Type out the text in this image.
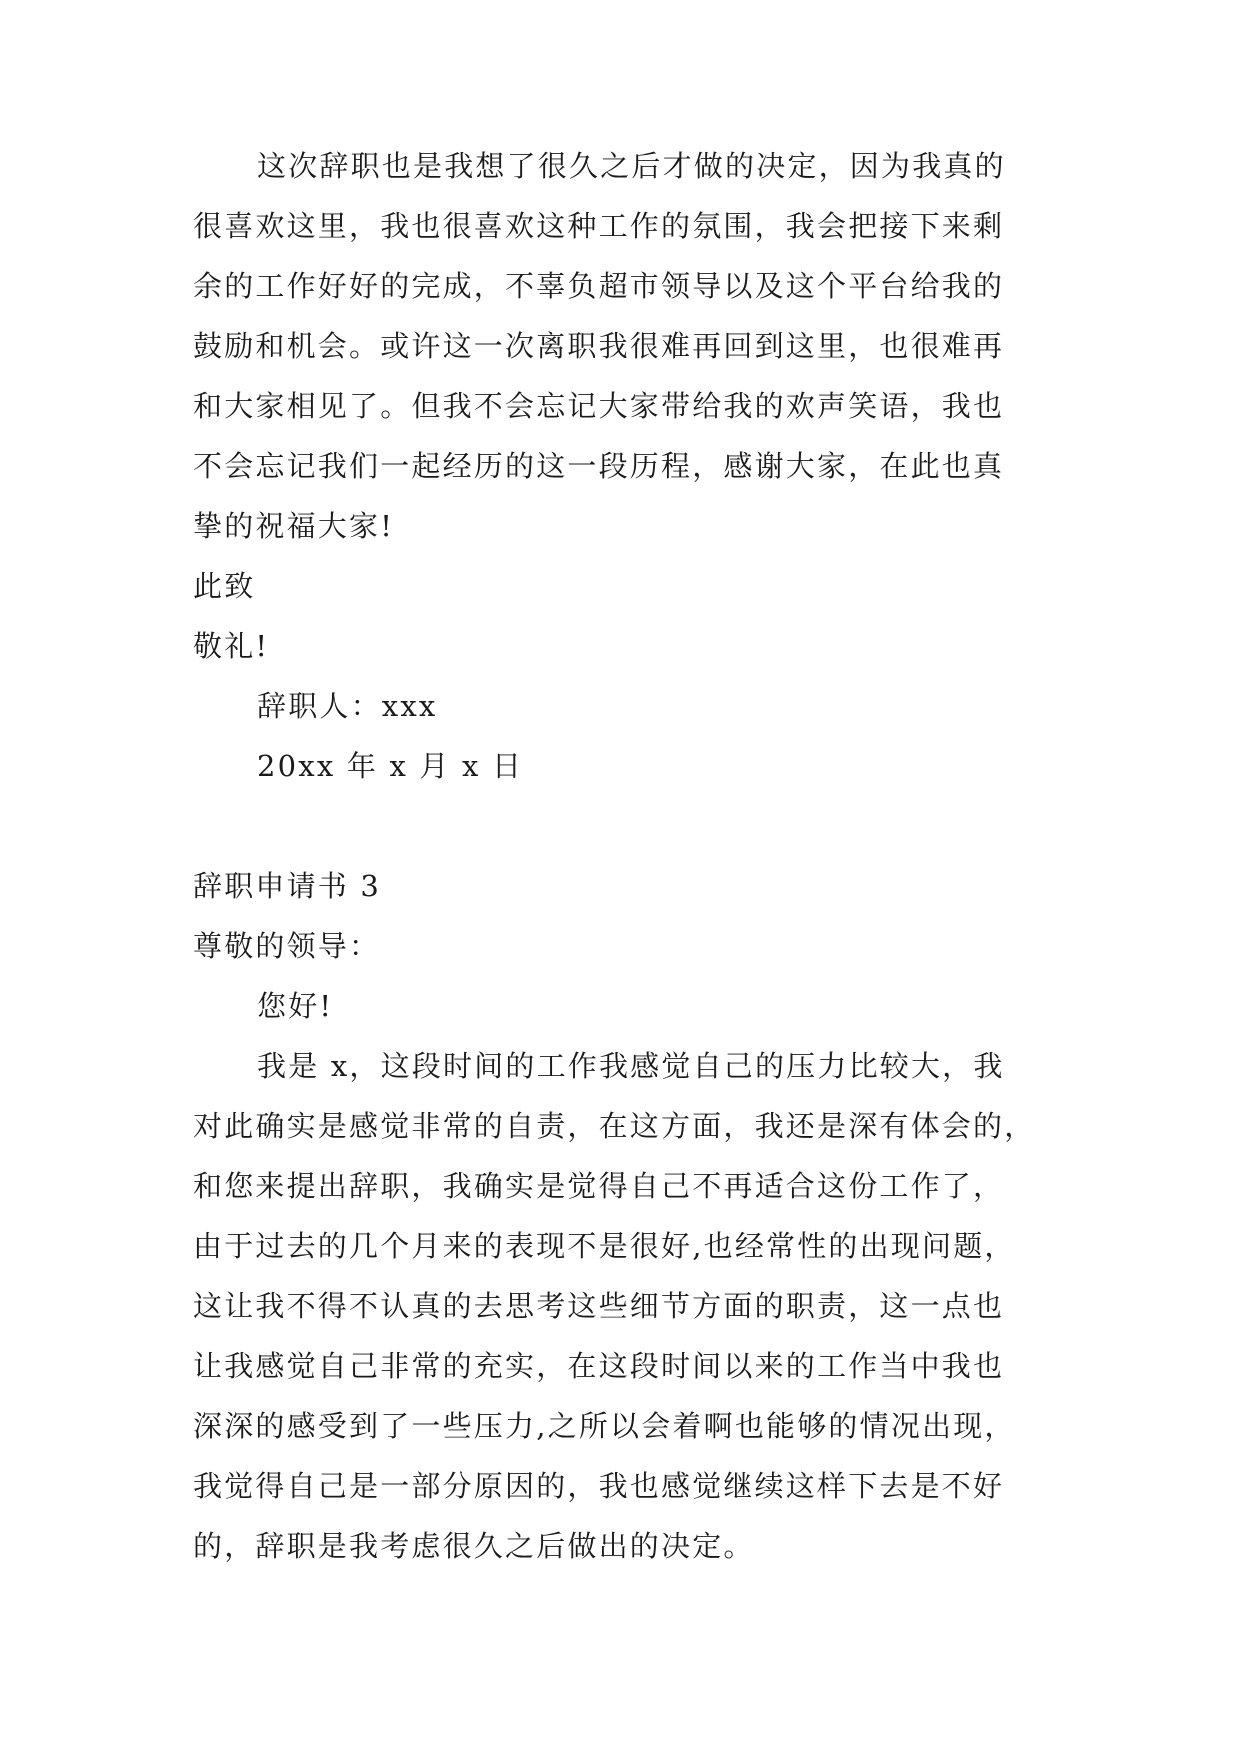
这次辞职也是我想了很久之后才做的决定，因为我真的
很喜欢这里，我也很喜欢这种工作的氛围，我会把接下来剩
余的工作好好的完成，不辜负超市领导以及这个平台给我的
鼓励和机会。或许这一次离职我很难再回到这里，也很难再
和大家相见了。但我不会忘记大家带给我的欢声笑语，我也
不会忘记我们一起经历的这一段历程，感谢大家，在此也真
挚的祝福大家!
此致
敬礼!
辞职人：xxx
20xx 年 x 月 x 日
辞职申请书 3
尊敬的领导：
您好!
我是 x，这段时间的工作我感觉自己的压力比较大，我
对此确实是感觉非常的自责，在这方面，我还是深有体会的，
和您来提出辞职，我确实是觉得自己不再适合这份工作了，
由于过去的几个月来的表现不是很好,也经常性的出现问题，
这让我不得不认真的去思考这些细节方面的职责，这一点也
让我感觉自己非常的充实，在这段时间以来的工作当中我也
深深的感受到了一些压力,之所以会着啊也能够的情况出现，
我觉得自己是一部分原因的，我也感觉继续这样下去是不好
的，辞职是我考虑很久之后做出的决定。
